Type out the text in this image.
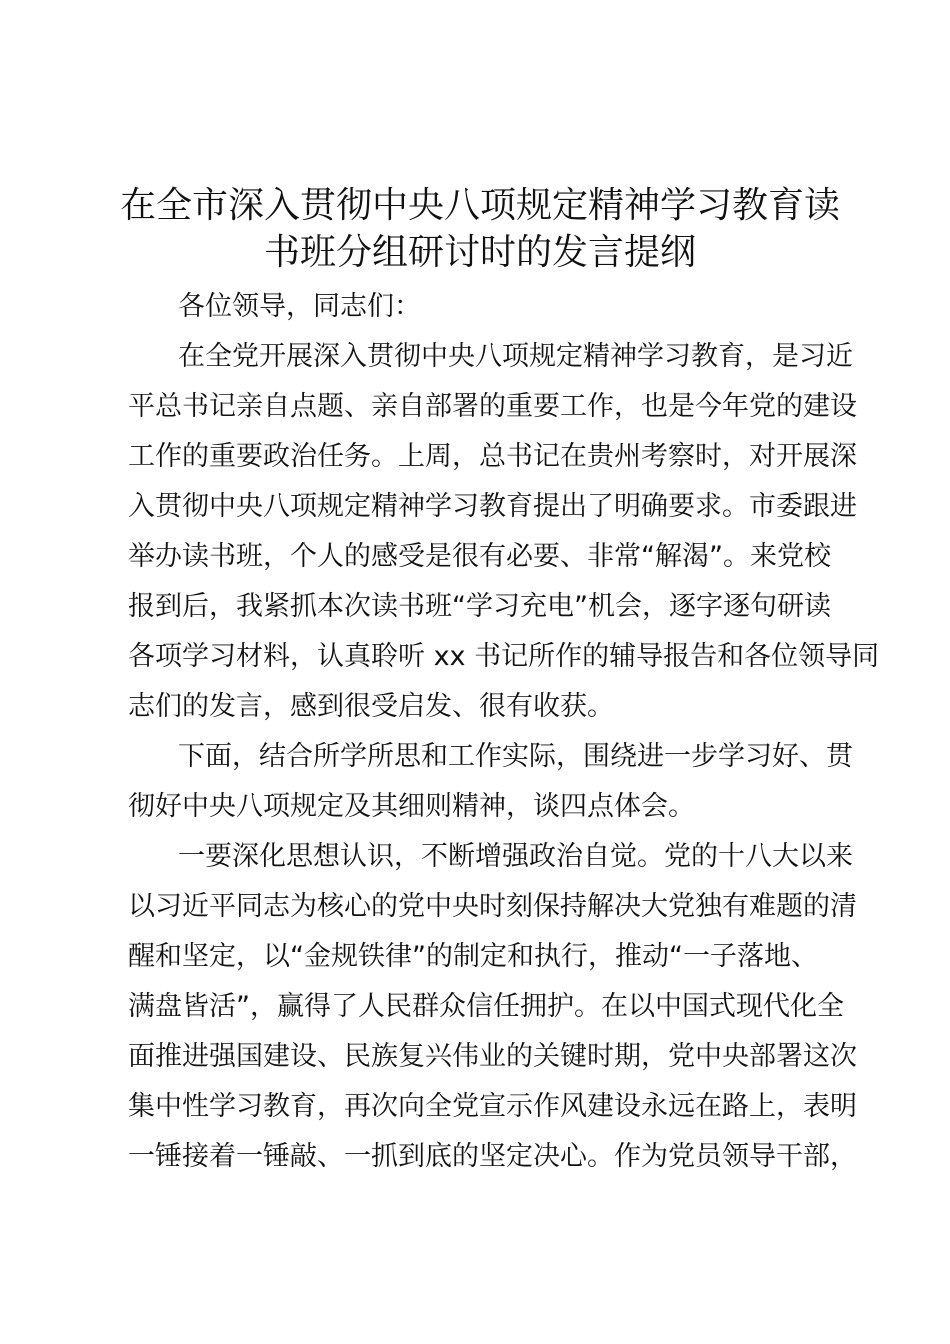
在全市深入贯彻中央八项规定精神学习教育读
书班分组研讨时的发言提纲
各位领导，同志们：
在全党开展深入贯彻中央八项规定精神学习教育，是习近
平总书记亲自点题、亲自部署的重要工作，也是今年党的建设
工作的重要政治任务。上周，总书记在贵州考察时，对开展深
入贯彻中央八项规定精神学习教育提出了明确要求。市委跟进
举办读书班，个人的感受是很有必要、非常“解渴”。来党校
报到后，我紧抓本次读书班“学习充电”机会，逐字逐句研读
各项学习材料，认真聆听 xx 书记所作的辅导报告和各位领导同
志们的发言，感到很受启发、很有收获。
下面，结合所学所思和工作实际，围绕进一步学习好、贯
彻好中央八项规定及其细则精神，谈四点体会。
一要深化思想认识，不断增强政治自觉。党的十八大以来
以习近平同志为核心的党中央时刻保持解决大党独有难题的清
醒和坚定，以“金规铁律”的制定和执行，推动“一子落地、
满盘皆活”，赢得了人民群众信任拥护。在以中国式现代化全
面推进强国建设、民族复兴伟业的关键时期，党中央部署这次
集中性学习教育，再次向全党宣示作风建设永远在路上，表明
一锤接着一锤敲、一抓到底的坚定决心。作为党员领导干部，
